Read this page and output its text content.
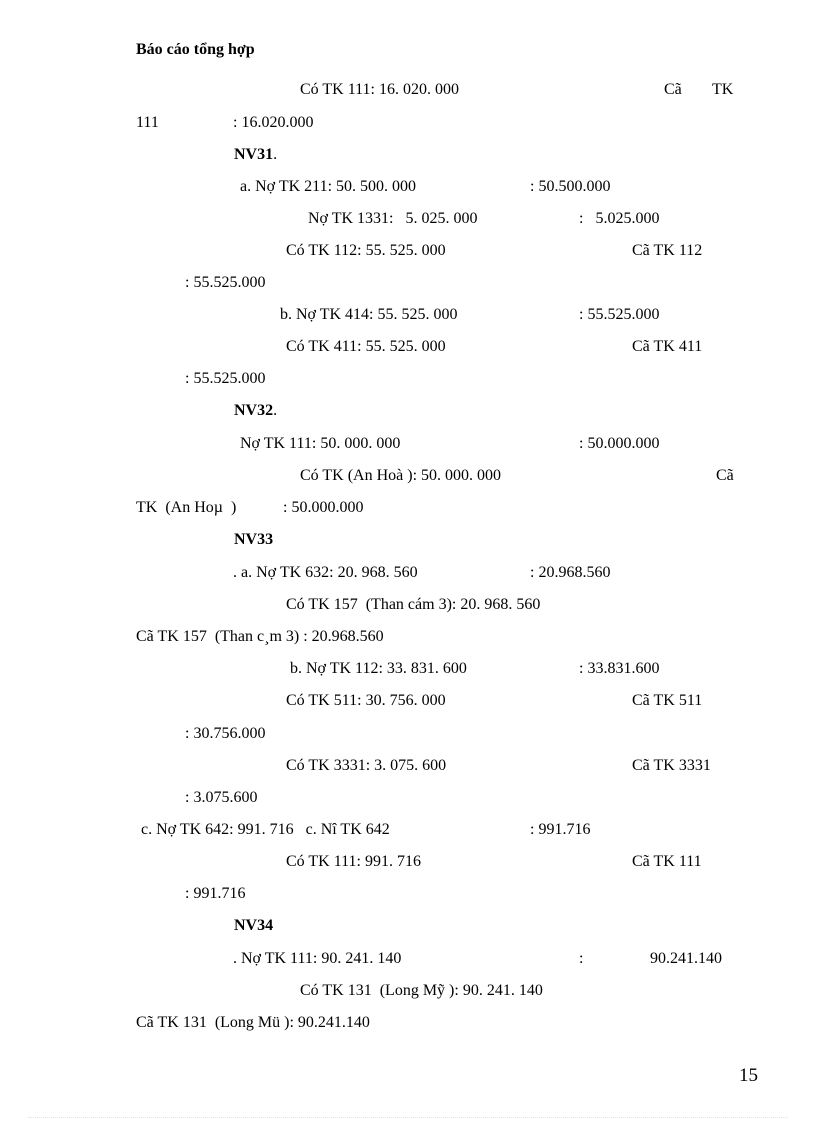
Báo cáo tổng hợp
Có TK 111: 16. 020. 000	Cã TK
111	: 16.020.000
NV31.
a. Nợ TK 211: 50. 500. 000	: 50.500.000
Nợ TK 1331:   5. 025. 000	:   5.025.000
Có TK 112: 55. 525. 000	Cã TK 112
: 55.525.000
b. Nợ TK 414: 55. 525. 000	: 55.525.000
Có TK 411: 55. 525. 000	Cã TK 411
: 55.525.000
NV32.
Nợ TK 111: 50. 000. 000	: 50.000.000
Có TK (An Hoà ): 50. 000. 000	Cã
TK  (An Hoµ  )	: 50.000.000
NV33
. a. Nợ TK 632: 20. 968. 560	: 20.968.560
Có TK 157  (Than cám 3): 20. 968. 560
Cã TK 157  (Than c¸m 3) : 20.968.560
b. Nợ TK 112: 33. 831. 600	: 33.831.600
Có TK 511: 30. 756. 000	Cã TK 511
: 30.756.000
Có TK 3331: 3. 075. 600	Cã TK 3331
: 3.075.600
c. Nợ TK 642: 991. 716   c. Nî TK 642	: 991.716
Có TK 111: 991. 716	Cã TK 111
: 991.716
NV34
. Nợ TK 111: 90. 241. 140	:	90.241.140
Có TK 131  (Long Mỹ ): 90. 241. 140
Cã TK 131  (Long Mü ): 90.241.140
15
